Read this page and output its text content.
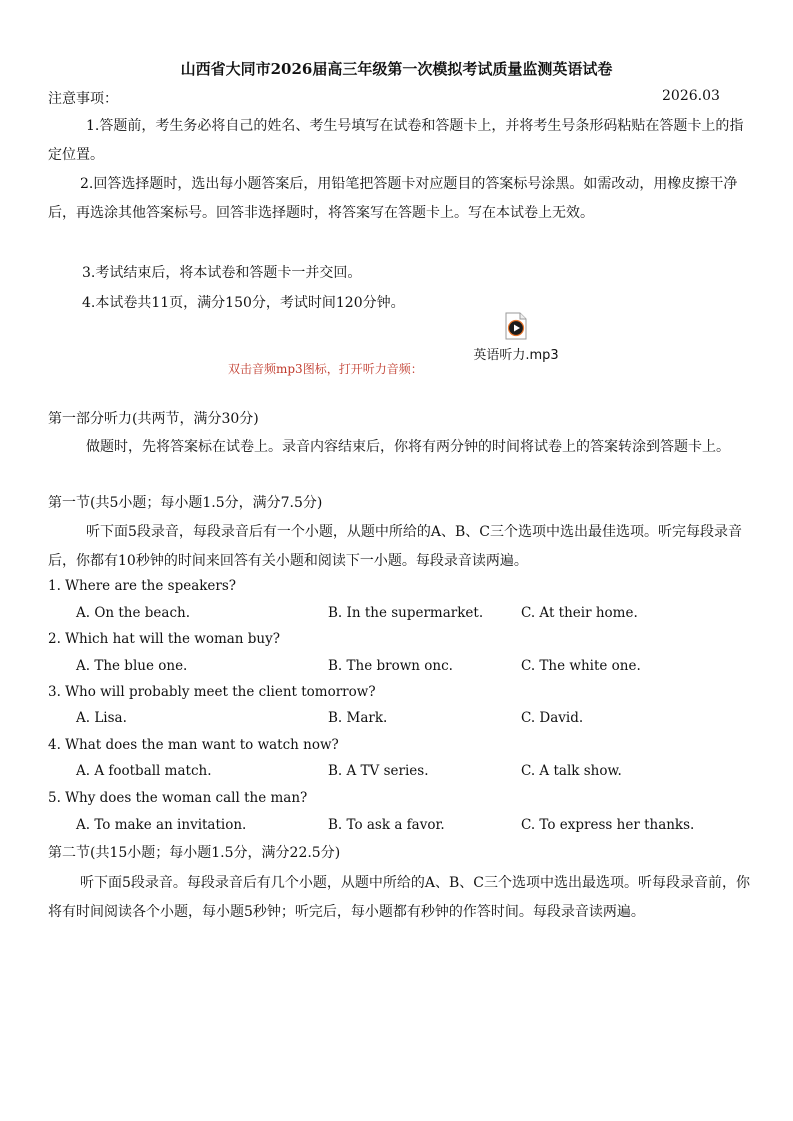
山西省大同市2026届高三年级第一次模拟考试质量监测英语试卷
注意事项：	2026.03
1.答题前，考生务必将自己的姓名、考生号填写在试卷和答题卡上，并将考生号条形码粘贴在答题卡上的指定位置。
2.回答选择题时，选出每小题答案后，用铅笔把答题卡对应题目的答案标号涂黑。如需改动，用橡皮擦干净后，再选涂其他答案标号。回答非选择题时，将答案写在答题卡上。写在本试卷上无效。
3.考试结束后，将本试卷和答题卡一并交回。
4.本试卷共11页，满分150分，考试时间120分钟。
双击音频mp3图标，打开听力音频：
英语听力.mp3
第一部分听力(共两节，满分30分)
做题时，先将答案标在试卷上。录音内容结束后，你将有两分钟的时间将试卷上的答案转涂到答题卡上。
第一节(共5小题；每小题1.5分，满分7.5分)
听下面5段录音，每段录音后有一个小题，从题中所给的A、B、C三个选项中选出最佳选项。听完每段录音后，你都有10秒钟的时间来回答有关小题和阅读下一小题。每段录音读两遍。
1. Where are the speakers?
A. On the beach.	B. In the supermarket.	C. At their home.
2. Which hat will the woman buy?
A. The blue one.	B. The brown onc.	C. The white one.
3. Who will probably meet the client tomorrow?
A. Lisa.	B. Mark.	C. David.
4. What does the man want to watch now?
A. A football match.	B. A TV series.	C. A talk show.
5. Why does the woman call the man?
A. To make an invitation.	B. To ask a favor.	C. To express her thanks.
第二节(共15小题；每小题1.5分，满分22.5分)
听下面5段录音。每段录音后有几个小题，从题中所给的A、B、C三个选项中选出最选项。听每段录音前，你将有时间阅读各个小题，每小题5秒钟；听完后，每小题都有秒钟的作答时间。每段录音读两遍。
